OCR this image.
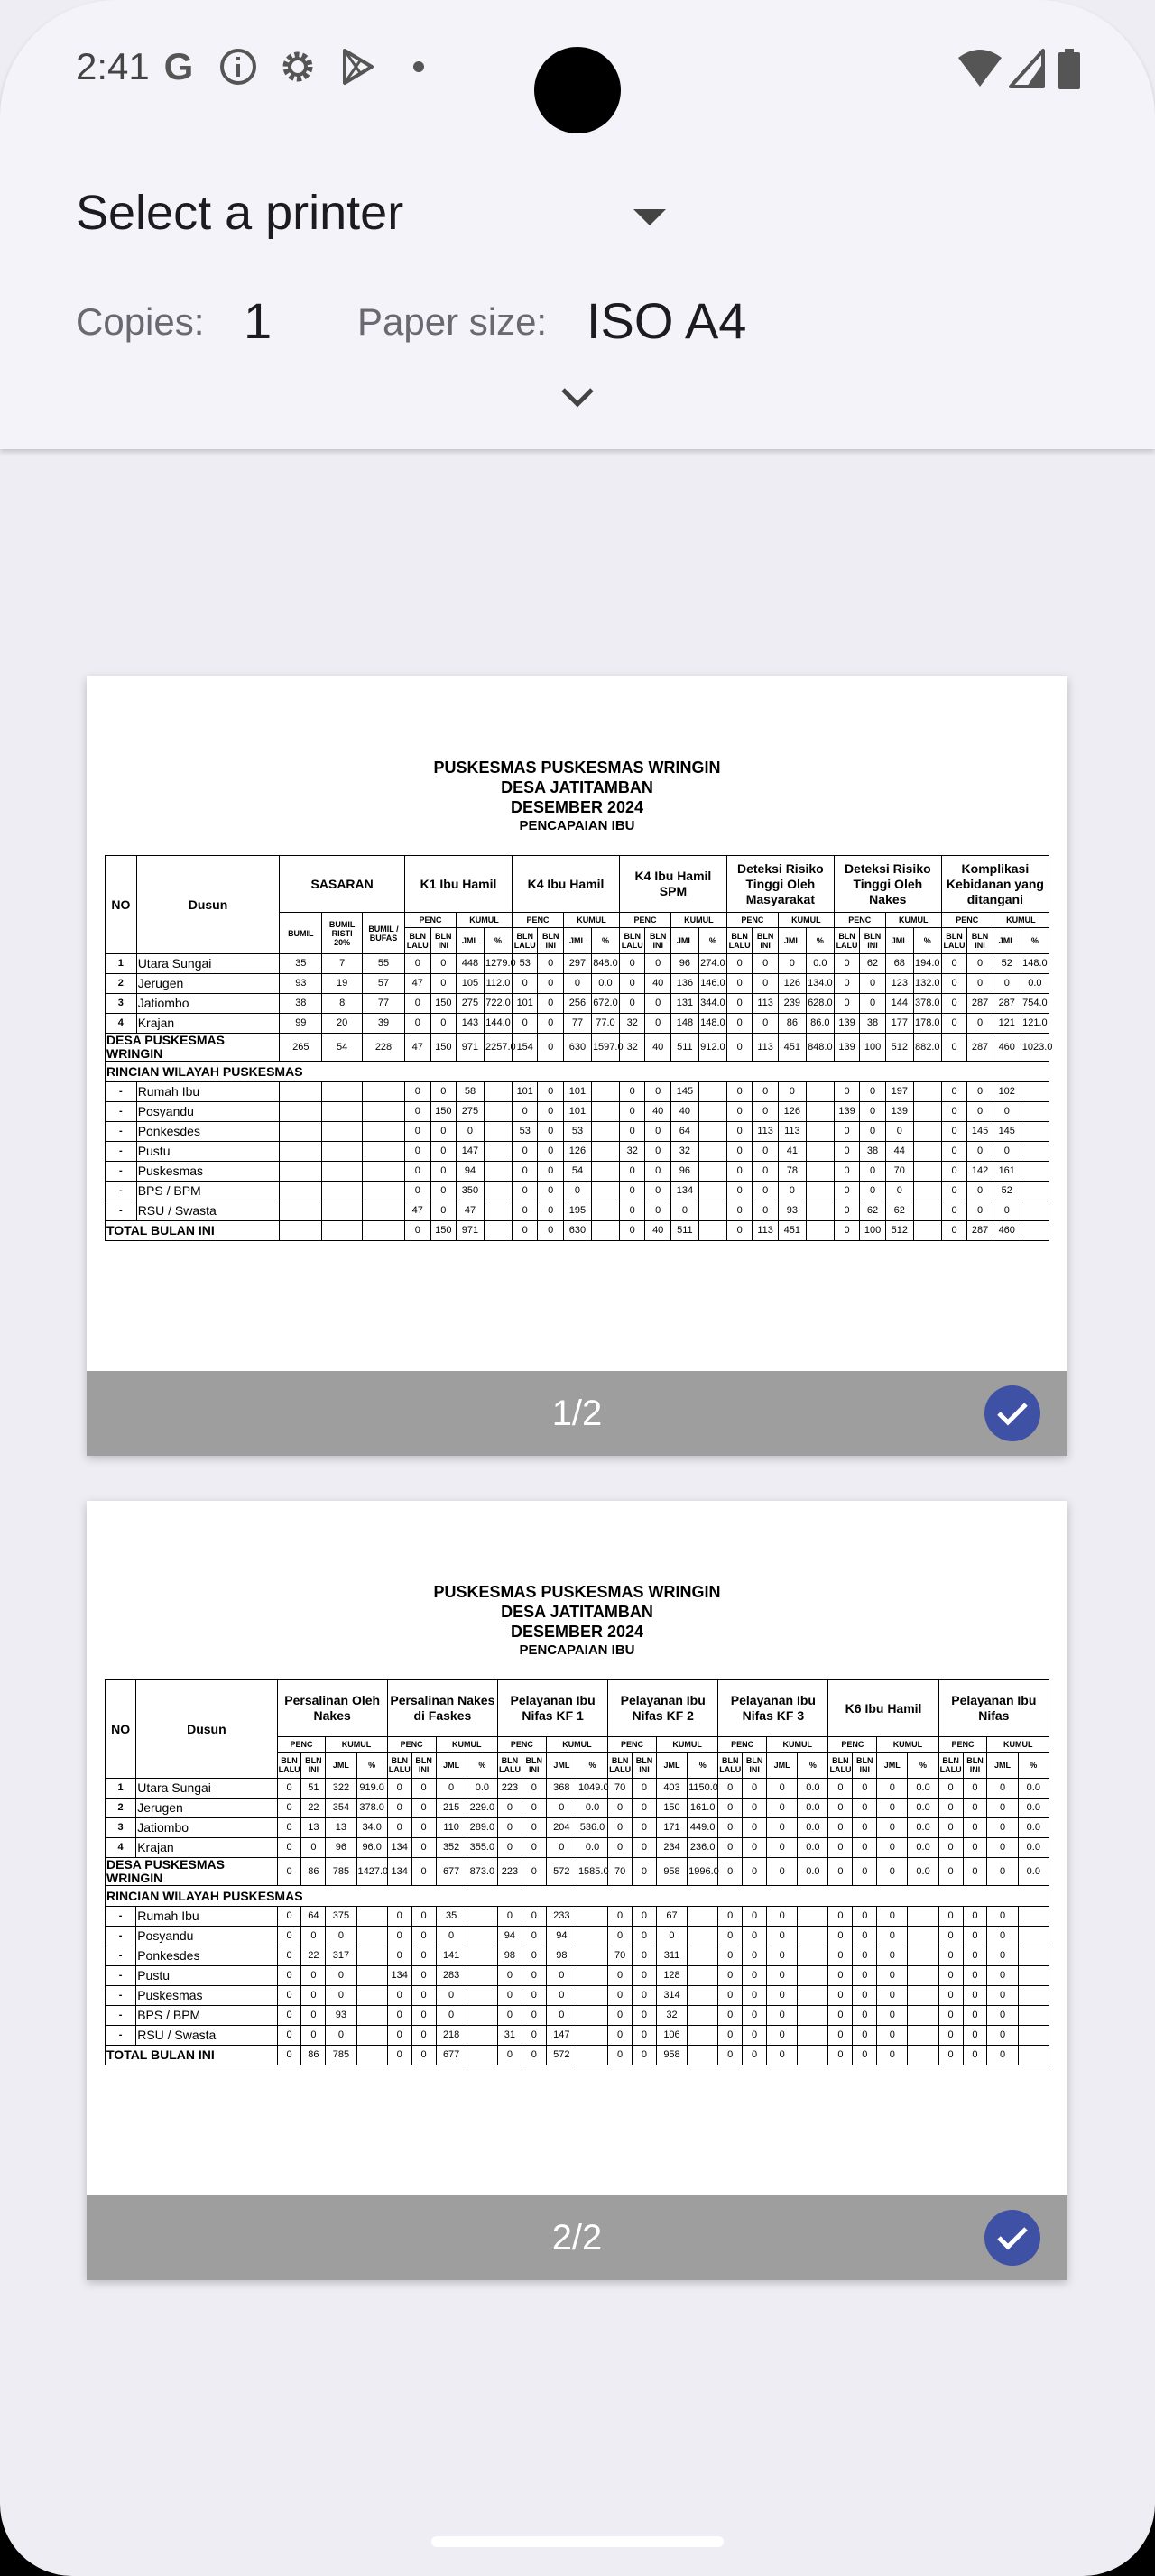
2:41 G
Select a printer
Copies: 1 Paper size: ISO A4
PUSKESMAS PUSKESMAS WRINGIN
DESA JATITAMBAN
DESEMBER 2024
PENCAPAIAN IBU
NO	Dusun	SASARAN			K1 Ibu Hamil				K4 Ibu Hamil				K4 Ibu Hamil SPM				Deteksi Risiko Tinggi Oleh Masyarakat				Deteksi Risiko Tinggi Oleh Nakes				Komplikasi Kebidanan yang ditangani			
		BUMIL	BUMIL RISTI 20%	BUMIL / BUFAS	PENC		KUMUL		PENC		KUMUL		PENC		KUMUL		PENC		KUMUL		PENC		KUMUL		PENC		KUMUL	
					BLN LALU	BLN INI	JML	%	BLN LALU	BLN INI	JML	%	BLN LALU	BLN INI	JML	%	BLN LALU	BLN INI	JML	%	BLN LALU	BLN INI	JML	%	BLN LALU	BLN INI	JML	%
1	Utara Sungai	35	7	55	0	0	448	1279.0	53	0	297	848.0	0	0	96	274.0	0	0	0	0.0	0	62	68	194.0	0	0	52	148.0
2	Jerugen	93	19	57	47	0	105	112.0	0	0	0	0.0	0	40	136	146.0	0	0	126	134.0	0	0	123	132.0	0	0	0	0.0
3	Jatiombo	38	8	77	0	150	275	722.0	101	0	256	672.0	0	0	131	344.0	0	113	239	628.0	0	0	144	378.0	0	287	287	754.0
4	Krajan	99	20	39	0	0	143	144.0	0	0	77	77.0	32	0	148	148.0	0	0	86	86.0	139	38	177	178.0	0	0	121	121.0
DESA PUSKESMAS WRINGIN		265	54	228	47	150	971	2257.0	154	0	630	1597.0	32	40	511	912.0	0	113	451	848.0	139	100	512	882.0	0	287	460	1023.0
RINCIAN WILAYAH PUSKESMAS																												
-	Rumah Ibu				0	0	58		101	0	101		0	0	145		0	0	0		0	0	197		0	0	102	
-	Posyandu				0	150	275		0	0	101		0	40	40		0	0	126		139	0	139		0	0	0	
-	Ponkesdes				0	0	0		53	0	53		0	0	64		0	113	113		0	0	0		0	145	145	
-	Pustu				0	0	147		0	0	126		32	0	32		0	0	41		0	38	44		0	0	0	
-	Puskesmas				0	0	94		0	0	54		0	0	96		0	0	78		0	0	70		0	142	161	
-	BPS / BPM				0	0	350		0	0	0		0	0	134		0	0	0		0	0	0		0	0	52	
-	RSU / Swasta				47	0	47		0	0	195		0	0	0		0	0	93		0	62	62		0	0	0	
TOTAL BULAN INI					0	150	971		0	0	630		0	40	511		0	113	451		0	100	512		0	287	460	
1/2
PUSKESMAS PUSKESMAS WRINGIN
DESA JATITAMBAN
DESEMBER 2024
PENCAPAIAN IBU
NO	Dusun	Persalinan Oleh Nakes				Persalinan Nakes di Faskes				Pelayanan Ibu Nifas KF 1				Pelayanan Ibu Nifas KF 2				Pelayanan Ibu Nifas KF 3				K6 Ibu Hamil				Pelayanan Ibu Nifas			
		PENC		KUMUL		PENC		KUMUL		PENC		KUMUL		PENC		KUMUL		PENC		KUMUL		PENC		KUMUL		PENC		KUMUL	
		BLN LALU	BLN INI	JML	%	BLN LALU	BLN INI	JML	%	BLN LALU	BLN INI	JML	%	BLN LALU	BLN INI	JML	%	BLN LALU	BLN INI	JML	%	BLN LALU	BLN INI	JML	%	BLN LALU	BLN INI	JML	%
1	Utara Sungai	0	51	322	919.0	0	0	0	0.0	223	0	368	1049.0	70	0	403	1150.0	0	0	0	0.0	0	0	0	0.0	0	0	0	0.0
2	Jerugen	0	22	354	378.0	0	0	215	229.0	0	0	0	0.0	0	0	150	161.0	0	0	0	0.0	0	0	0	0.0	0	0	0	0.0
3	Jatiombo	0	13	13	34.0	0	0	110	289.0	0	0	204	536.0	0	0	171	449.0	0	0	0	0.0	0	0	0	0.0	0	0	0	0.0
4	Krajan	0	0	96	96.0	134	0	352	355.0	0	0	0	0.0	0	0	234	236.0	0	0	0	0.0	0	0	0	0.0	0	0	0	0.0
DESA PUSKESMAS WRINGIN		0	86	785	1427.0	134	0	677	873.0	223	0	572	1585.0	70	0	958	1996.0	0	0	0	0.0	0	0	0	0.0	0	0	0	0.0
RINCIAN WILAYAH PUSKESMAS																													
-	Rumah Ibu	0	64	375		0	0	35		0	0	233		0	0	67		0	0	0		0	0	0		0	0	0	
-	Posyandu	0	0	0		0	0	0		94	0	94		0	0	0		0	0	0		0	0	0		0	0	0	
-	Ponkesdes	0	22	317		0	0	141		98	0	98		70	0	311		0	0	0		0	0	0		0	0	0	
-	Pustu	0	0	0		134	0	283		0	0	0		0	0	128		0	0	0		0	0	0		0	0	0	
-	Puskesmas	0	0	0		0	0	0		0	0	0		0	0	314		0	0	0		0	0	0		0	0	0	
-	BPS / BPM	0	0	93		0	0	0		0	0	0		0	0	32		0	0	0		0	0	0		0	0	0	
-	RSU / Swasta	0	0	0		0	0	218		31	0	147		0	0	106		0	0	0		0	0	0		0	0	0	
TOTAL BULAN INI		0	86	785		0	0	677		0	0	572		0	0	958		0	0	0		0	0	0		0	0	0	
2/2
